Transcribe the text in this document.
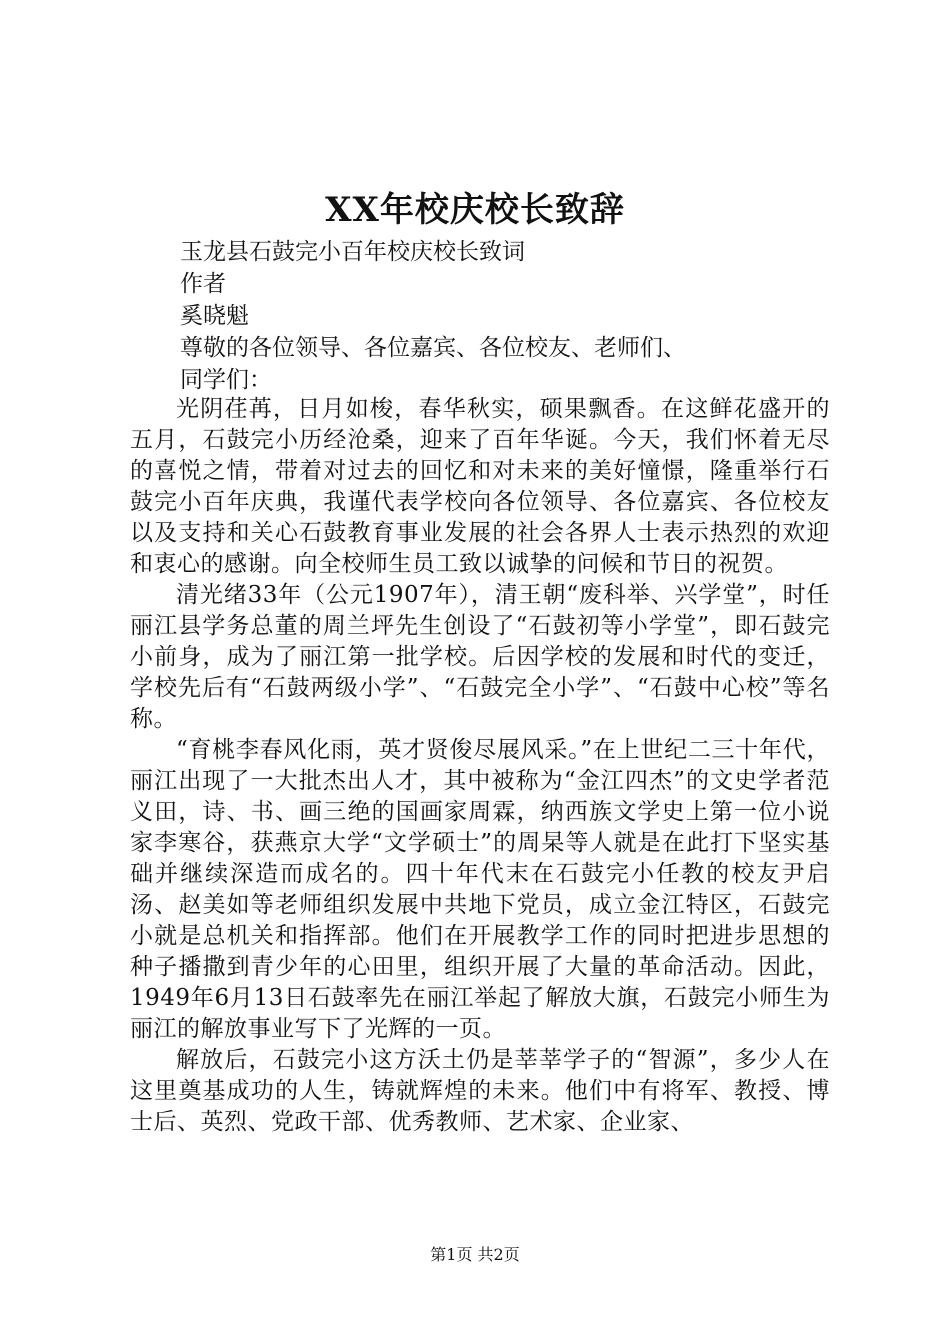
XX年校庆校长致辞
玉龙县石鼓完小百年校庆校长致词
作者
奚晓魁
尊敬的各位领导、各位嘉宾、各位校友、老师们、
同学们：

光阴荏苒，日月如梭，春华秋实，硕果飘香。在这鲜花盛开的五月，石鼓完小历经沧桑，迎来了百年华诞。今天，我们怀着无尽的喜悦之情，带着对过去的回忆和对未来的美好憧憬，隆重举行石鼓完小百年庆典，我谨代表学校向各位领导、各位嘉宾、各位校友以及支持和关心石鼓教育事业发展的社会各界人士表示热烈的欢迎和衷心的感谢。向全校师生员工致以诚挚的问候和节日的祝贺。

清光绪33年（公元1907年），清王朝“废科举、兴学堂”，时任丽江县学务总董的周兰坪先生创设了“石鼓初等小学堂”，即石鼓完小前身，成为了丽江第一批学校。后因学校的发展和时代的变迁，学校先后有“石鼓两级小学”、“石鼓完全小学”、“石鼓中心校”等名称。

“育桃李春风化雨，英才贤俊尽展风采。”在上世纪二三十年代，丽江出现了一大批杰出人才，其中被称为“金江四杰”的文史学者范义田，诗、书、画三绝的国画家周霖，纳西族文学史上第一位小说家李寒谷，获燕京大学“文学硕士”的周杲等人就是在此打下坚实基础并继续深造而成名的。四十年代末在石鼓完小任教的校友尹启汤、赵美如等老师组织发展中共地下党员，成立金江特区，石鼓完小就是总机关和指挥部。他们在开展教学工作的同时把进步思想的种子播撒到青少年的心田里，组织开展了大量的革命活动。因此，1949年6月13日石鼓率先在丽江举起了解放大旗，石鼓完小师生为丽江的解放事业写下了光辉的一页。

解放后，石鼓完小这方沃土仍是莘莘学子的“智源”，多少人在这里奠基成功的人生，铸就辉煌的未来。他们中有将军、教授、博士后、英烈、党政干部、优秀教师、艺术家、企业家、

第1页 共2页
